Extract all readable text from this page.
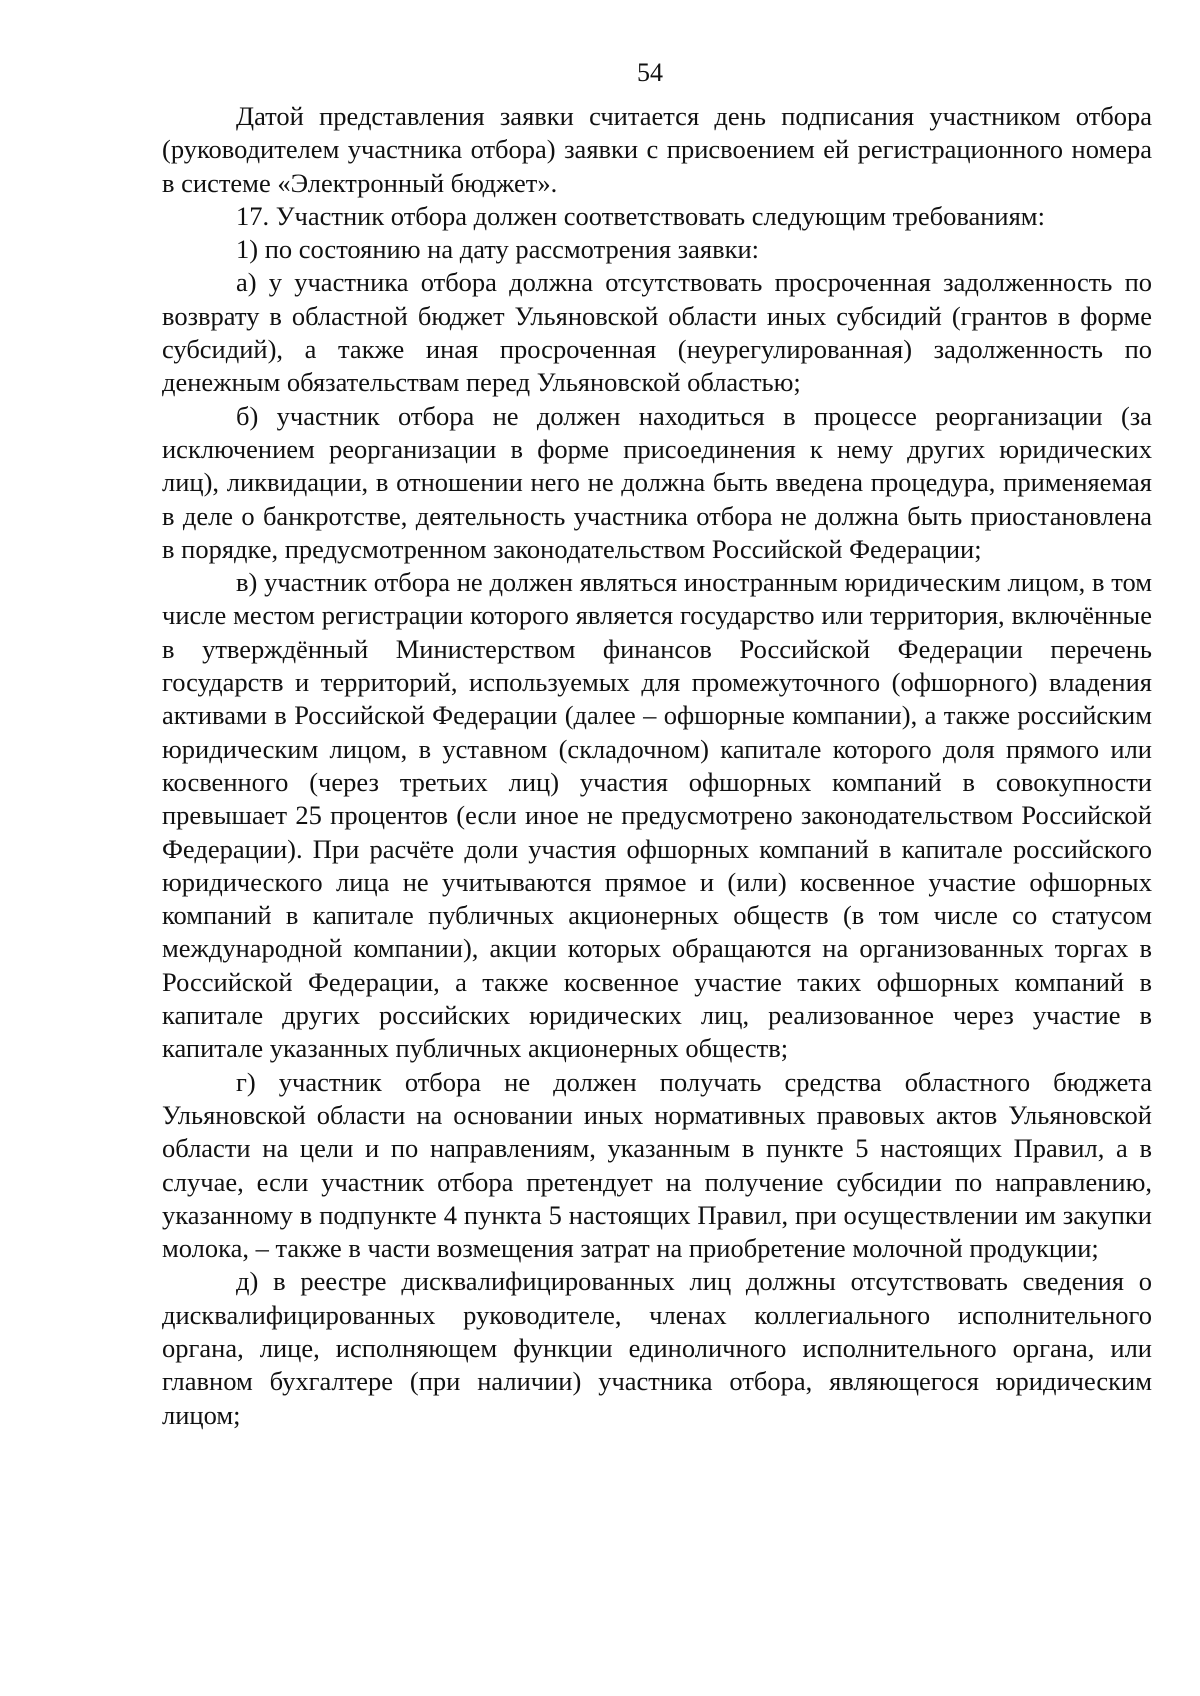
54

Датой представления заявки считается день подписания участником отбора (руководителем участника отбора) заявки с присвоением ей регистрационного номера в системе «Электронный бюджет».

17. Участник отбора должен соответствовать следующим требованиям:

1) по состоянию на дату рассмотрения заявки:

а) у участника отбора должна отсутствовать просроченная задолженность по возврату в областной бюджет Ульяновской области иных субсидий (грантов в форме субсидий), а также иная просроченная (неурегулированная) задолженность по денежным обязательствам перед Ульяновской областью;

б) участник отбора не должен находиться в процессе реорганизации (за исключением реорганизации в форме присоединения к нему других юридических лиц), ликвидации, в отношении него не должна быть введена процедура, применяемая в деле о банкротстве, деятельность участника отбора не должна быть приостановлена в порядке, предусмотренном законодательством Российской Федерации;

в) участник отбора не должен являться иностранным юридическим лицом, в том числе местом регистрации которого является государство или территория, включённые в утверждённый Министерством финансов Российской Федерации перечень государств и территорий, используемых для промежуточного (офшорного) владения активами в Российской Федерации (далее – офшорные компании), а также российским юридическим лицом, в уставном (складочном) капитале которого доля прямого или косвенного (через третьих лиц) участия офшорных компаний в совокупности превышает 25 процентов (если иное не предусмотрено законодательством Российской Федерации). При расчёте доли участия офшорных компаний в капитале российского юридического лица не учитываются прямое и (или) косвенное участие офшорных компаний в капитале публичных акционерных обществ (в том числе со статусом международной компании), акции которых обращаются на организованных торгах в Российской Федерации, а также косвенное участие таких офшорных компаний в капитале других российских юридических лиц, реализованное через участие в капитале указанных публичных акционерных обществ;

г) участник отбора не должен получать средства областного бюджета Ульяновской области на основании иных нормативных правовых актов Ульяновской области на цели и по направлениям, указанным в пункте 5 настоящих Правил, а в случае, если участник отбора претендует на получение субсидии по направлению, указанному в подпункте 4 пункта 5 настоящих Правил, при осуществлении им закупки молока, – также в части возмещения затрат на приобретение молочной продукции;

д) в реестре дисквалифицированных лиц должны отсутствовать сведения о дисквалифицированных руководителе, членах коллегиального исполнительного органа, лице, исполняющем функции единоличного исполнительного органа, или главном бухгалтере (при наличии) участника отбора, являющегося юридическим лицом;
